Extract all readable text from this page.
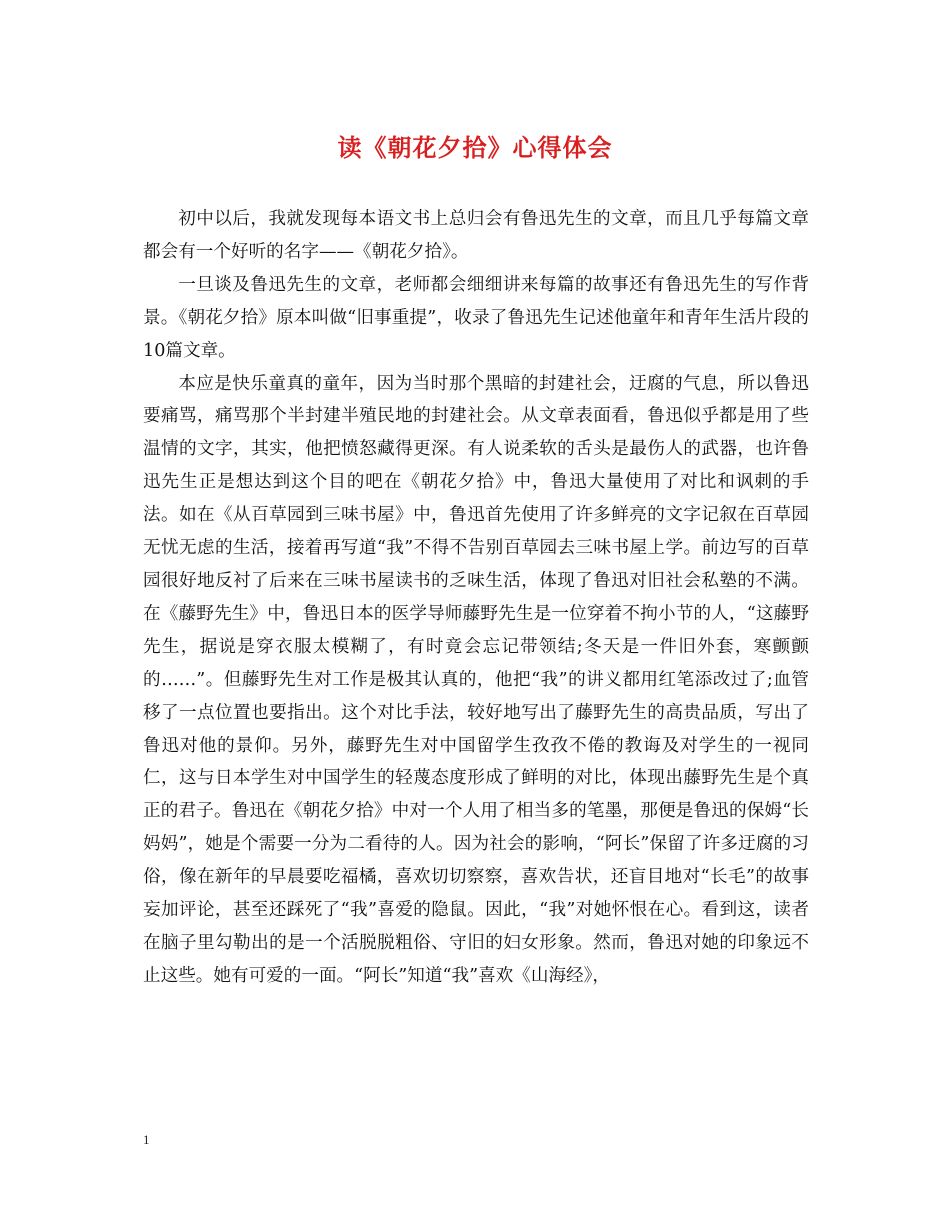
读《朝花夕拾》心得体会

初中以后，我就发现每本语文书上总归会有鲁迅先生的文章，而且几乎每篇文章都会有一个好听的名字——《朝花夕拾》。

一旦谈及鲁迅先生的文章，老师都会细细讲来每篇的故事还有鲁迅先生的写作背景。《朝花夕拾》原本叫做“旧事重提”，收录了鲁迅先生记述他童年和青年生活片段的10篇文章。

本应是快乐童真的童年，因为当时那个黑暗的封建社会，迂腐的气息，所以鲁迅要痛骂，痛骂那个半封建半殖民地的封建社会。从文章表面看，鲁迅似乎都是用了些温情的文字，其实，他把愤怒藏得更深。有人说柔软的舌头是最伤人的武器，也许鲁迅先生正是想达到这个目的吧在《朝花夕拾》中，鲁迅大量使用了对比和讽刺的手法。如在《从百草园到三味书屋》中，鲁迅首先使用了许多鲜亮的文字记叙在百草园无忧无虑的生活，接着再写道“我”不得不告别百草园去三味书屋上学。前边写的百草园很好地反衬了后来在三味书屋读书的乏味生活，体现了鲁迅对旧社会私塾的不满。在《藤野先生》中，鲁迅日本的医学导师藤野先生是一位穿着不拘小节的人，“这藤野先生，据说是穿衣服太模糊了，有时竟会忘记带领结;冬天是一件旧外套，寒颤颤的……”。但藤野先生对工作是极其认真的，他把“我”的讲义都用红笔添改过了;血管移了一点位置也要指出。这个对比手法，较好地写出了藤野先生的高贵品质，写出了鲁迅对他的景仰。另外，藤野先生对中国留学生孜孜不倦的教诲及对学生的一视同仁，这与日本学生对中国学生的轻蔑态度形成了鲜明的对比，体现出藤野先生是个真正的君子。鲁迅在《朝花夕拾》中对一个人用了相当多的笔墨，那便是鲁迅的保姆“长妈妈”，她是个需要一分为二看待的人。因为社会的影响，“阿长”保留了许多迂腐的习俗，像在新年的早晨要吃福橘，喜欢切切察察，喜欢告状，还盲目地对“长毛”的故事妄加评论，甚至还踩死了“我”喜爱的隐鼠。因此，“我”对她怀恨在心。看到这，读者在脑子里勾勒出的是一个活脱脱粗俗、守旧的妇女形象。然而，鲁迅对她的印象远不止这些。她有可爱的一面。“阿长”知道“我”喜欢《山海经》，

1
